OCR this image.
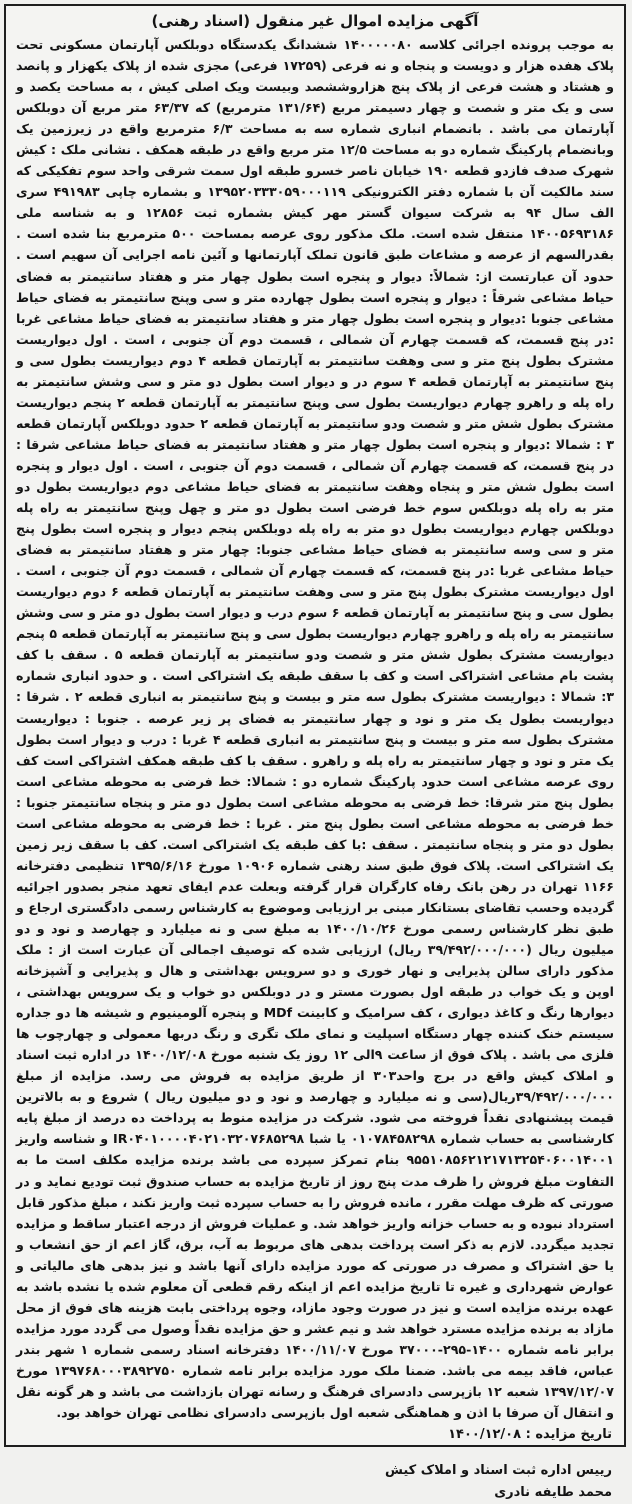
آگهی مزایده اموال غیر منقول (اسناد رهنی)
به موجب پرونده اجرائی کلاسه ۱۴۰۰۰۰۰۸۰ ششدانگ یکدستگاه دوبلکس آپارتمان مسکونی تحت پلاک هفده هزار و دویست و پنجاه و نه فرعی (۱۷۲۵۹ فرعی) مجزی شده از پلاک یکهزار و پانصد و هشتاد و هشت فرعی از پلاک پنج هزاروششصد وبیست ویک اصلی کیش ، به مساحت یکصد و سی و یک متر و شصت و چهار دسیمتر مربع (۱۳۱/۶۴ مترمربع) که ۶۳/۳۷ متر مربع آن دوبلکس آپارتمان می باشد . بانضمام انباری شماره سه به مساحت ۶/۳ مترمربع واقع در زیرزمین یک وبانضمام پارکینگ شماره دو به مساحت ۱۲/۵ متر مربع واقع در طبقه همکف . نشانی ملک : کیش شهرک صدف فازدو قطعه ۱۹۰ خیابان ناصر خسرو طبقه اول سمت شرقی واحد سوم تفکیکی که سند مالکیت آن با شماره دفتر الکترونیکی ۱۳۹۵۲۰۳۳۳۰۵۹۰۰۰۱۱۹ و بشماره چاپی ۴۹۱۹۸۳ سری الف سال ۹۴ به شرکت سیوان گستر مهر کیش بشماره ثبت ۱۲۸۵۶ و به شناسه ملی ۱۴۰۰۵۶۹۳۱۸۶ منتقل شده است. ملک مذکور روی عرصه بمساحت ۵۰۰ مترمربع بنا شده است . بقدرالسهم از عرصه و مشاعات طبق قانون تملک آپارتمانها و آئین نامه اجرایی آن سهیم است . حدود آن عبارتست از: شمالاً: دیوار و پنجره است بطول چهار متر و هفتاد سانتیمتر به فضای حیاط مشاعی شرقاً : دیوار و پنجره است بطول چهارده متر و سی وپنج سانتیمتر به فضای حیاط مشاعی جنوبا :دیوار و پنجره است بطول چهار متر و هفتاد سانتیمتر به فضای حیاط مشاعی غربا :در پنج قسمت، که قسمت چهارم آن شمالی ، قسمت دوم آن جنوبی ، است . اول دیواریست مشترک بطول پنج متر و سی وهفت سانتیمتر به آپارتمان قطعه ۴ دوم دیواریست بطول سی و پنج سانتیمتر به آپارتمان قطعه ۴ سوم در و دیوار است بطول دو متر و سی وشش سانتیمتر به راه پله و راهرو چهارم دیواریست بطول سی وپنج سانتیمتر به آپارتمان قطعه ۲ پنجم دیواریست مشترک بطول شش متر و شصت ودو سانتیمتر به آپارتمان قطعه ۲ حدود دوبلکس آپارتمان قطعه ۳ : شمالا :دیوار و پنجره است بطول چهار متر و هفتاد سانتیمتر به فضای حیاط مشاعی شرقا : در پنج قسمت، که قسمت چهارم آن شمالی ، قسمت دوم آن جنوبی ، است . اول دیوار و پنجره است بطول شش متر و پنجاه وهفت سانتیمتر به فضای حیاط مشاعی دوم دیواریست بطول دو متر به راه پله دوبلکس سوم خط فرضی است بطول دو متر و چهل وپنج سانتیمتر به راه پله دوبلکس چهارم دیواریست بطول دو متر به راه پله دوبلکس پنجم دیوار و پنجره است بطول پنج متر و سی وسه سانتیمتر به فضای حیاط مشاعی جنوبا: چهار متر و هفتاد سانتیمتر به فضای حیاط مشاعی غربا :در پنج قسمت، که قسمت چهارم آن شمالی ، قسمت دوم آن جنوبی ، است . اول دیواریست مشترک بطول پنج متر و سی وهفت سانتیمتر به آپارتمان قطعه ۶ دوم دیواریست بطول سی و پنج سانتیمتر به آپارتمان قطعه ۶ سوم درب و دیوار است بطول دو متر و سی وشش سانتیمتر به راه پله و راهرو چهارم دیواریست بطول سی و پنج سانتیمتر به آپارتمان قطعه ۵ پنجم دیواریست مشترک بطول شش متر و شصت ودو سانتیمتر به آپارتمان قطعه ۵ . سقف با کف پشت بام مشاعی اشتراکی است و کف با سقف طبقه یک اشتراکی است . و حدود انباری شماره ۳: شمالا : دیواریست مشترک بطول سه متر و بیست و پنج سانتیمتر به انباری قطعه ۲ . شرقا : دیواریست بطول یک متر و نود و چهار سانتیمتر به فضای پر زیر عرصه . جنوبا : دیواریست مشترک بطول سه متر و بیست و پنج سانتیمتر به انباری قطعه ۴ غربا : درب و دیوار است بطول یک متر و نود و چهار سانتیمتر به راه پله و راهرو . سقف با کف طبقه همکف اشتراکی است کف روی عرصه مشاعی است حدود پارکینگ شماره دو : شمالا: خط فرضی به محوطه مشاعی است بطول پنج متر شرقا: خط فرضی به محوطه مشاعی است بطول دو متر و پنجاه سانتیمتر جنوبا : خط فرضی به محوطه مشاعی است بطول پنج متر . غربا : خط فرضی به محوطه مشاعی است بطول دو متر و پنجاه سانتیمتر . سقف :با کف طبقه یک اشتراکی است. کف با سقف زیر زمین یک اشتراکی است. پلاک فوق طبق سند رهنی شماره ۱۰۹۰۶ مورخ ۱۳۹۵/۶/۱۶ تنظیمی دفترخانه ۱۱۶۶ تهران در رهن بانک رفاه کارگران قرار گرفته وبعلت عدم ایفای تعهد منجر بصدور اجرائیه گردیده وحسب تقاضای بستانکار مبنی بر ارزیابی وموضوع به کارشناس رسمی دادگستری ارجاع و طبق نظر کارشناس رسمی مورخ ۱۴۰۰/۱۰/۲۶ به مبلغ سی و نه میلیارد و چهارصد و نود و دو میلیون ریال (۳۹/۴۹۲/۰۰۰/۰۰۰ ریال) ارزیابی شده که توصیف اجمالی آن عبارت است از : ملک مذکور دارای سالن پذیرایی و نهار خوری و دو سرویس بهداشتی و هال و پذیرایی و آشپزخانه اوپن و یک خواب در طبقه اول بصورت مستر و در دوبلکس دو خواب و یک سرویس بهداشتی ، دیوارها رنگ و کاغذ دیواری ، کف سرامیک و کابینت MDf و پنجره آلومینیوم و شیشه ها دو جداره سیستم خنک کننده چهار دستگاه اسپلیت و نمای ملک تگری و رنگ دربها معمولی و چهارچوب ها فلزی می باشد . پلاک فوق از ساعت ۹الی ۱۲ روز یک شنبه مورخ ۱۴۰۰/۱۲/۰۸ در اداره ثبت اسناد و املاک کیش واقع در برج واحد۳۰۳ از طریق مزایده به فروش می رسد. مزایده از مبلغ ۳۹/۴۹۲/۰۰۰/۰۰۰ریال(سی و نه میلیارد و چهارصد و نود و دو میلیون ریال ) شروع و به بالاترین قیمت پیشنهادی نقداً فروخته می شود. شرکت در مزایده منوط به پرداخت ده درصد از مبلغ پایه کارشناسی به حساب شماره ۰۱۰۷۸۴۵۸۲۹۸ یا شبا IR۰۴۰۱۰۰۰۰۴۰۲۱۰۳۲۰۷۶۸۵۲۹۸ و شناسه واریز ۹۵۵۱۰۸۵۶۲۱۲۱۷۱۳۲۵۴۰۶۰۰۱۴۰۰۱ بنام تمرکز سپرده می باشد برنده مزایده مکلف است ما به التفاوت مبلغ فروش را ظرف مدت پنج روز از تاریخ مزایده به حساب صندوق ثبت تودیع نماید و در صورتی که ظرف مهلت مقرر ، مانده فروش را به حساب سپرده ثبت واریز نکند ، مبلغ مذکور قابل استرداد نبوده و به حساب خزانه واریز خواهد شد. و عملیات فروش از درجه اعتبار ساقط و مزایده تجدید میگردد. لازم به ذکر است پرداخت بدهی های مربوط به آب، برق، گاز اعم از حق انشعاب و یا حق اشتراک و مصرف در صورتی که مورد مزایده دارای آنها باشد و نیز بدهی های مالیاتی و عوارض شهرداری و غیره تا تاریخ مزایده اعم از اینکه رقم قطعی آن معلوم شده یا نشده باشد به عهده برنده مزایده است و نیز در صورت وجود مازاد، وجوه پرداختی بابت هزینه های فوق از محل مازاد به برنده مزایده مسترد خواهد شد و نیم عشر و حق مزایده نقداً وصول می گردد مورد مزایده برابر نامه شماره ۱۴۰۰-۲۹۵-۳۷۰۰۰ مورخ ۱۴۰۰/۱۱/۰۷ دفترخانه اسناد رسمی شماره ۱ شهر بندر عباس، فاقد بیمه می باشد. ضمنا ملک مورد مزایده برابر نامه شماره ۱۳۹۷۶۸۰۰۰۳۸۹۲۷۵۰ مورخ ۱۳۹۷/۱۲/۰۷ شعبه ۱۲ بازپرسی دادسرای فرهنگ و رسانه تهران بازداشت می باشد و هر گونه نقل و انتقال آن صرفا با اذن و هماهنگی شعبه اول بازپرسی دادسرای نظامی تهران خواهد بود.
تاریخ مزایده : ۱۴۰۰/۱۲/۰۸
رییس اداره ثبت اسناد و املاک کیش
محمد طایفه نادری
